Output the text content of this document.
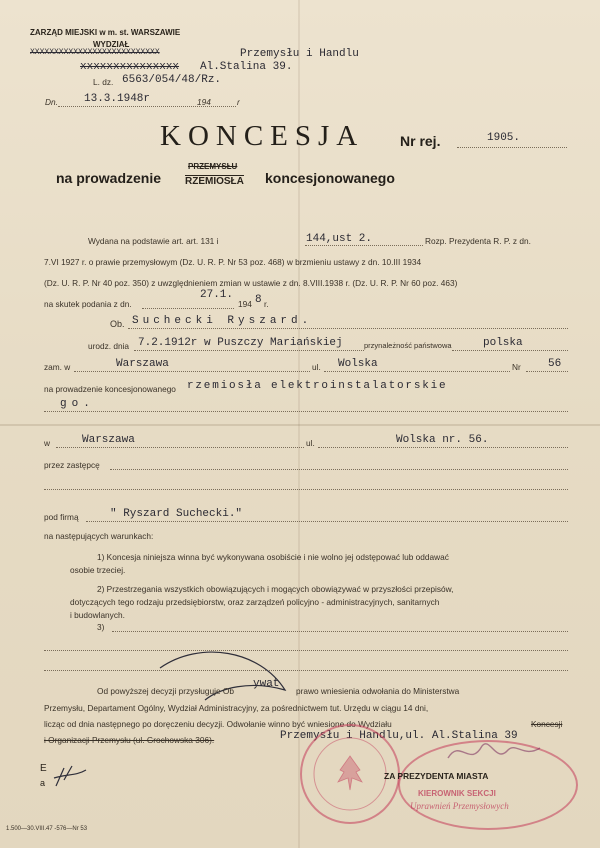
ZARZĄD MIEJSKI w m. st. WARSZAWIE
WYDZIAŁ
XXXXXXXXXXXXXXXXXXXXXXXXXXX	Przemysłu i Handlu
xxxxxxxxxxxxxxx Al.Stalina 39.
L. dz. 6563/054/48/Rz.
Dn. 13.3.1948r	194	r
KONCESJA	Nr rej.	1905.
na prowadzenie
PRZEMYSŁU
RZEMIOSŁA koncesjonowanego
Wydana na podstawie art. art. 131 i	144,ust 2.	Rozp. Prezydenta R. P. z dn.
7.VI 1927 r. o prawie przemysłowym (Dz. U. R. P. Nr 53 poz. 468) w brzmieniu ustawy z dn. 10.III 1934
(Dz. U. R. P. Nr 40 poz. 350) z uwzględnieniem zmian w ustawie z dn. 8.VIII.1938 r. (Dz. U. R. P. Nr 60 poz. 463)
na skutek podania z dn.
27.1.
194 8 r.
Ob. Suchecki Ryszard.
urodz. dnia 7.2.1912r w Puszczy Mariańskiej	przynależność państwowa	polska
zam. w	Warszawa	ul. Wolska	Nr 56
na prowadzenie koncesjonowanego rzemiosła elektroinstalatorskie
go.
w	Warszawa	ul.	Wolska nr. 56.
przez zastępcę
pod firmą	" Ryszard Suchecki."
na następujących warunkach:
1) Koncesja niniejsza winna być wykonywana osobiście i nie wolno jej odstępować lub oddawać
osobie trzeciej.
2) Przestrzegania wszystkich obowiązujących i mogących obowiązywać w przyszłości przepisów,
dotyczących tego rodzaju przedsiębiorstw, oraz zarządzeń policyjno - administracyjnych, sanitarnych
i budowlanych.
3)
Od powyższej decyzji przysługuje Ob
ywat
prawo wniesienia odwołania do Ministerstwa
Przemysłu, Departament Ogólny, Wydział Administracyjny, za pośrednictwem tut. Urzędu w ciągu 14 dni,
licząc od dnia następnego po doręczeniu decyzji. Odwołanie winno być wniesione do Wydziału	Koncesji
i Organizacji Przemysłu (ul. Grochowska 306).	Przemysłu i Handlu,ul. Al.Stalina 39
ZA PREZYDENTA MIASTA
KIEROWNIK SEKCJI
Uprawnień Przemysłowych
E
a
1.500—30.VIII.47 -576—Nr 53
